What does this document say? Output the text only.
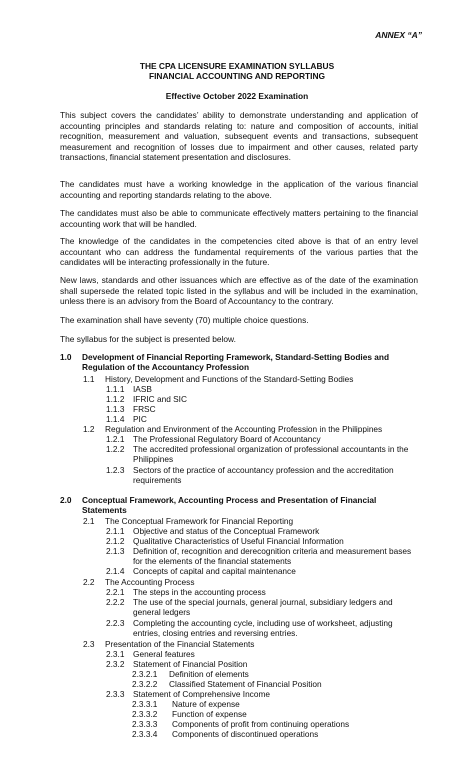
ANNEX “A”
THE CPA LICENSURE EXAMINATION SYLLABUS
FINANCIAL ACCOUNTING AND REPORTING
Effective October 2022 Examination

This subject covers the candidates’ ability to demonstrate understanding and application of accounting principles and standards relating to: nature and composition of accounts, initial recognition, measurement and valuation, subsequent events and transactions, subsequent measurement and recognition of losses due to impairment and other causes, related party transactions, financial statement presentation and disclosures.

The candidates must have a working knowledge in the application of the various financial accounting and reporting standards relating to the above.

The candidates must also be able to communicate effectively matters pertaining to the financial accounting work that will be handled.

The knowledge of the candidates in the competencies cited above is that of an entry level accountant who can address the fundamental requirements of the various parties that the candidates will be interacting professionally in the future.

New laws, standards and other issuances which are effective as of the date of the examination shall supersede the related topic listed in the syllabus and will be included in the examination, unless there is an advisory from the Board of Accountancy to the contrary.

The examination shall have seventy (70) multiple choice questions.

The syllabus for the subject is presented below.

1.0 Development of Financial Reporting Framework, Standard-Setting Bodies and Regulation of the Accountancy Profession
1.1 History, Development and Functions of the Standard-Setting Bodies
1.1.1 IASB
1.1.2 IFRIC and SIC
1.1.3 FRSC
1.1.4 PIC
1.2 Regulation and Environment of the Accounting Profession in the Philippines
1.2.1 The Professional Regulatory Board of Accountancy
1.2.2 The accredited professional organization of professional accountants in the Philippines
1.2.3 Sectors of the practice of accountancy profession and the accreditation requirements
2.0 Conceptual Framework, Accounting Process and Presentation of Financial Statements
2.1 The Conceptual Framework for Financial Reporting
2.1.1 Objective and status of the Conceptual Framework
2.1.2 Qualitative Characteristics of Useful Financial Information
2.1.3 Definition of, recognition and derecognition criteria and measurement bases for the elements of the financial statements
2.1.4 Concepts of capital and capital maintenance
2.2 The Accounting Process
2.2.1 The steps in the accounting process
2.2.2 The use of the special journals, general journal, subsidiary ledgers and general ledgers
2.2.3 Completing the accounting cycle, including use of worksheet, adjusting entries, closing entries and reversing entries.
2.3 Presentation of the Financial Statements
2.3.1 General features
2.3.2 Statement of Financial Position
2.3.2.1 Definition of elements
2.3.2.2 Classified Statement of Financial Position
2.3.3 Statement of Comprehensive Income
2.3.3.1 Nature of expense
2.3.3.2 Function of expense
2.3.3.3 Components of profit from continuing operations
2.3.3.4 Components of discontinued operations
